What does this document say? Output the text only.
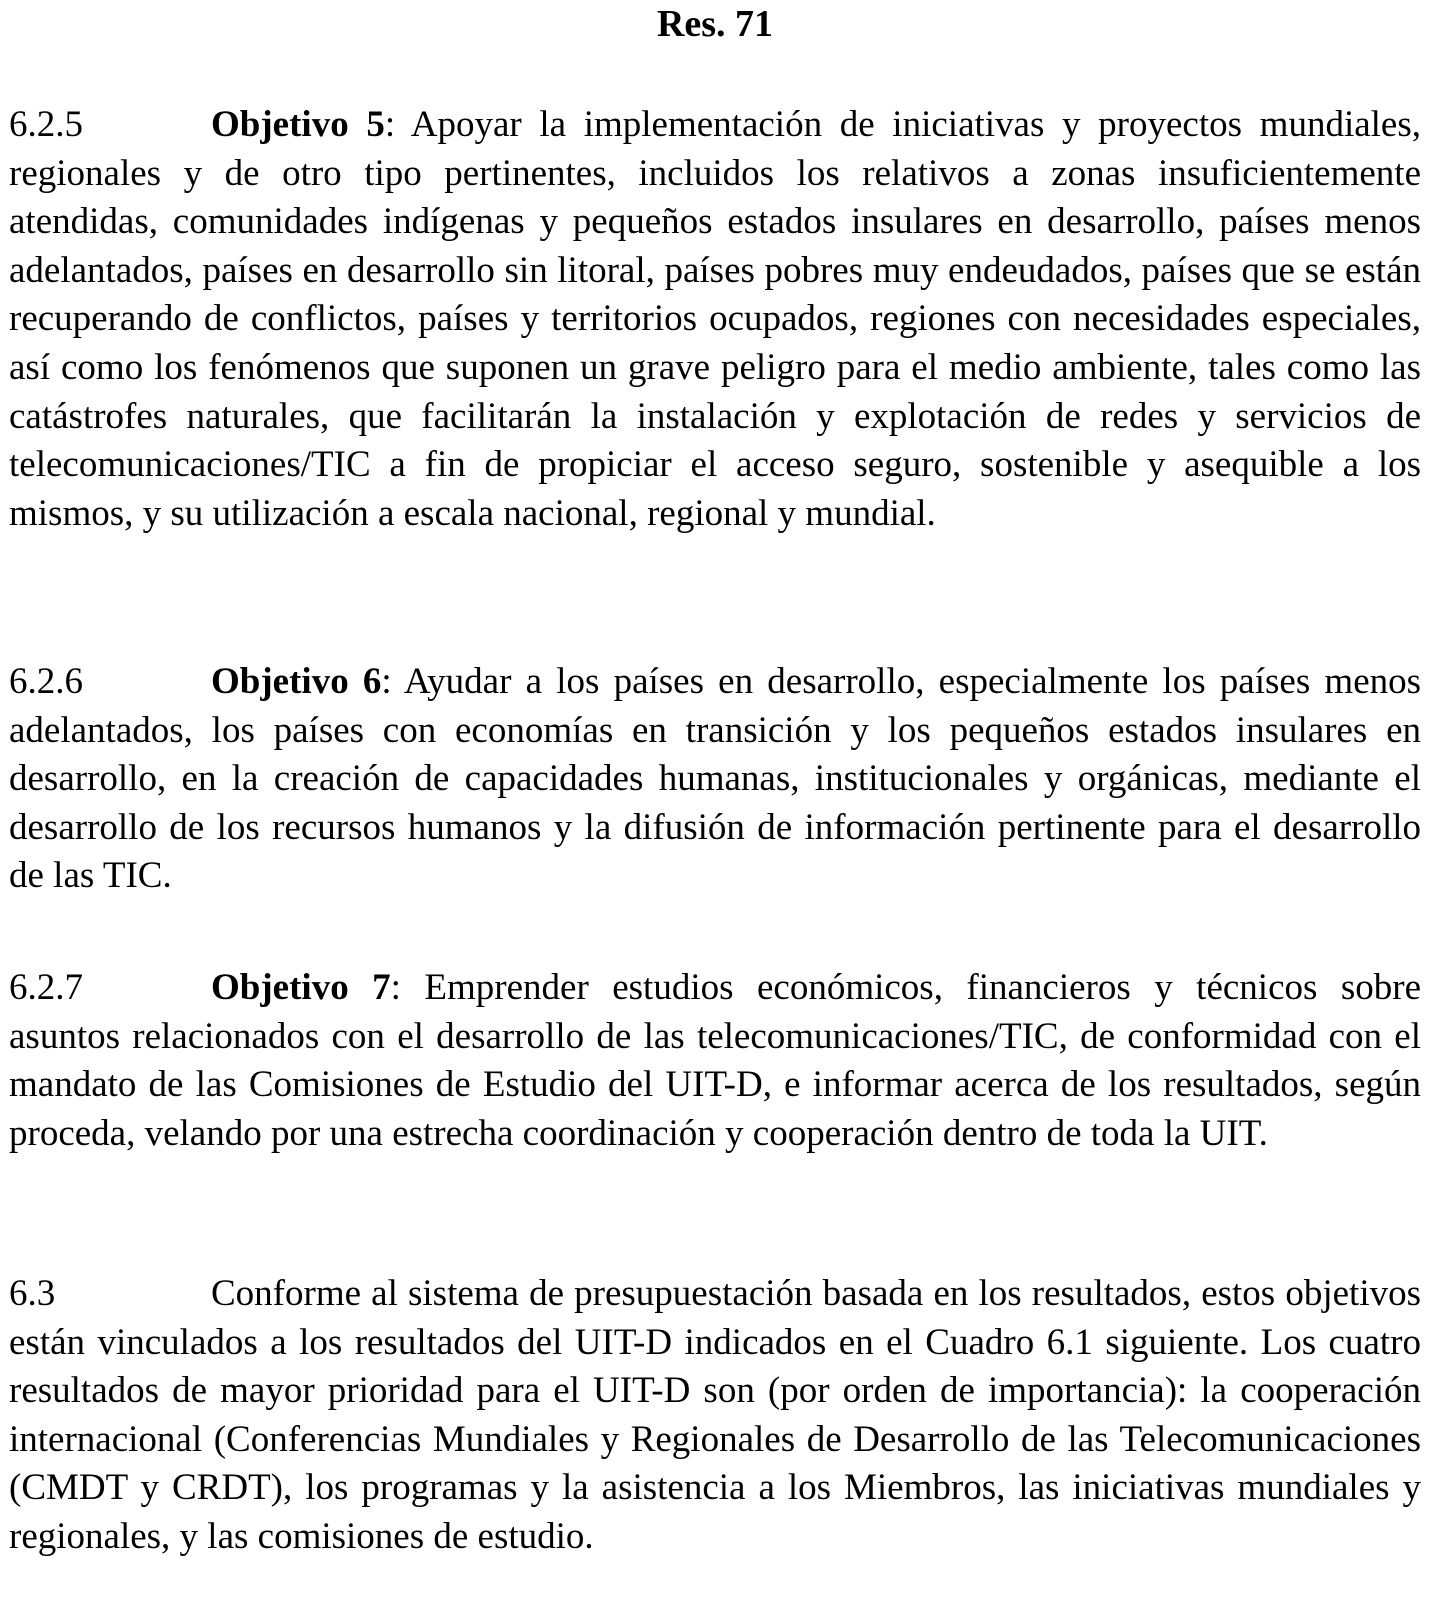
Res. 71

6.2.5	Objetivo 5: Apoyar la implementación de iniciativas y proyectos mundiales, regionales y de otro tipo pertinentes, incluidos los relativos a zonas insuficientemente atendidas, comunidades indígenas y pequeños estados insulares en desarrollo, países menos adelantados, países en desarrollo sin litoral, países pobres muy endeudados, países que se están recuperando de conflictos, países y territorios ocupados, regiones con necesidades especiales, así como los fenómenos que suponen un grave peligro para el medio ambiente, tales como las catástrofes naturales, que facilitarán la instalación y explotación de redes y servicios de telecomunicaciones/TIC a fin de propiciar el acceso seguro, sostenible y asequible a los mismos, y su utilización a escala nacional, regional y mundial.

6.2.6	Objetivo 6: Ayudar a los países en desarrollo, especialmente los países menos adelantados, los países con economías en transición y los pequeños estados insulares en desarrollo, en la creación de capacidades humanas, institucionales y orgánicas, mediante el desarrollo de los recursos humanos y la difusión de información pertinente para el desarrollo de las TIC.

6.2.7	Objetivo 7: Emprender estudios económicos, financieros y técnicos sobre asuntos relacionados con el desarrollo de las telecomunicaciones/TIC, de conformidad con el mandato de las Comisiones de Estudio del UIT-D, e informar acerca de los resultados, según proceda, velando por una estrecha coordinación y cooperación dentro de toda la UIT.

6.3	Conforme al sistema de presupuestación basada en los resultados, estos objetivos están vinculados a los resultados del UIT-D indicados en el Cuadro 6.1 siguiente. Los cuatro resultados de mayor prioridad para el UIT-D son (por orden de importancia): la cooperación internacional (Conferencias Mundiales y Regionales de Desarrollo de las Telecomunicaciones (CMDT y CRDT), los programas y la asistencia a los Miembros, las iniciativas mundiales y regionales, y las comisiones de estudio.
